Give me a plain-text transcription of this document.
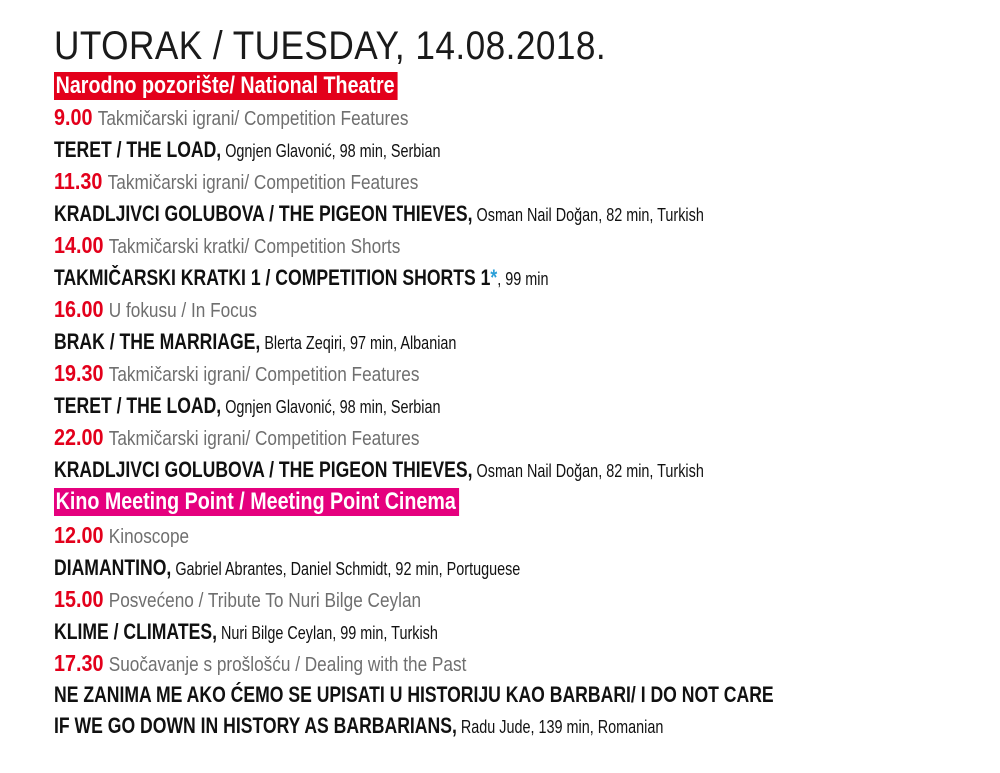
UTORAK / TUESDAY, 14.08.2018.
Narodno pozorište/ National Theatre
9.00 Takmičarski igrani/ Competition Features
TERET / THE LOAD, Ognjen Glavonić, 98 min, Serbian
11.30 Takmičarski igrani/ Competition Features
KRADLJIVCI GOLUBOVA / THE PIGEON THIEVES, Osman Nail Doğan, 82 min, Turkish
14.00 Takmičarski kratki/ Competition Shorts
TAKMIČARSKI KRATKI 1 / COMPETITION SHORTS 1*, 99 min
16.00 U fokusu / In Focus
BRAK / THE MARRIAGE, Blerta Zeqiri, 97 min, Albanian
19.30 Takmičarski igrani/ Competition Features
TERET / THE LOAD, Ognjen Glavonić, 98 min, Serbian
22.00 Takmičarski igrani/ Competition Features
KRADLJIVCI GOLUBOVA / THE PIGEON THIEVES, Osman Nail Doğan, 82 min, Turkish
Kino Meeting Point / Meeting Point Cinema
12.00 Kinoscope
DIAMANTINO, Gabriel Abrantes, Daniel Schmidt, 92 min, Portuguese
15.00 Posvećeno / Tribute To Nuri Bilge Ceylan
KLIME / CLIMATES, Nuri Bilge Ceylan, 99 min, Turkish
17.30 Suočavanje s prošlošću / Dealing with the Past
NE ZANIMA ME AKO ĆEMO SE UPISATI U HISTORIJU KAO BARBARI/ I DO NOT CARE
IF WE GO DOWN IN HISTORY AS BARBARIANS, Radu Jude, 139 min, Romanian
